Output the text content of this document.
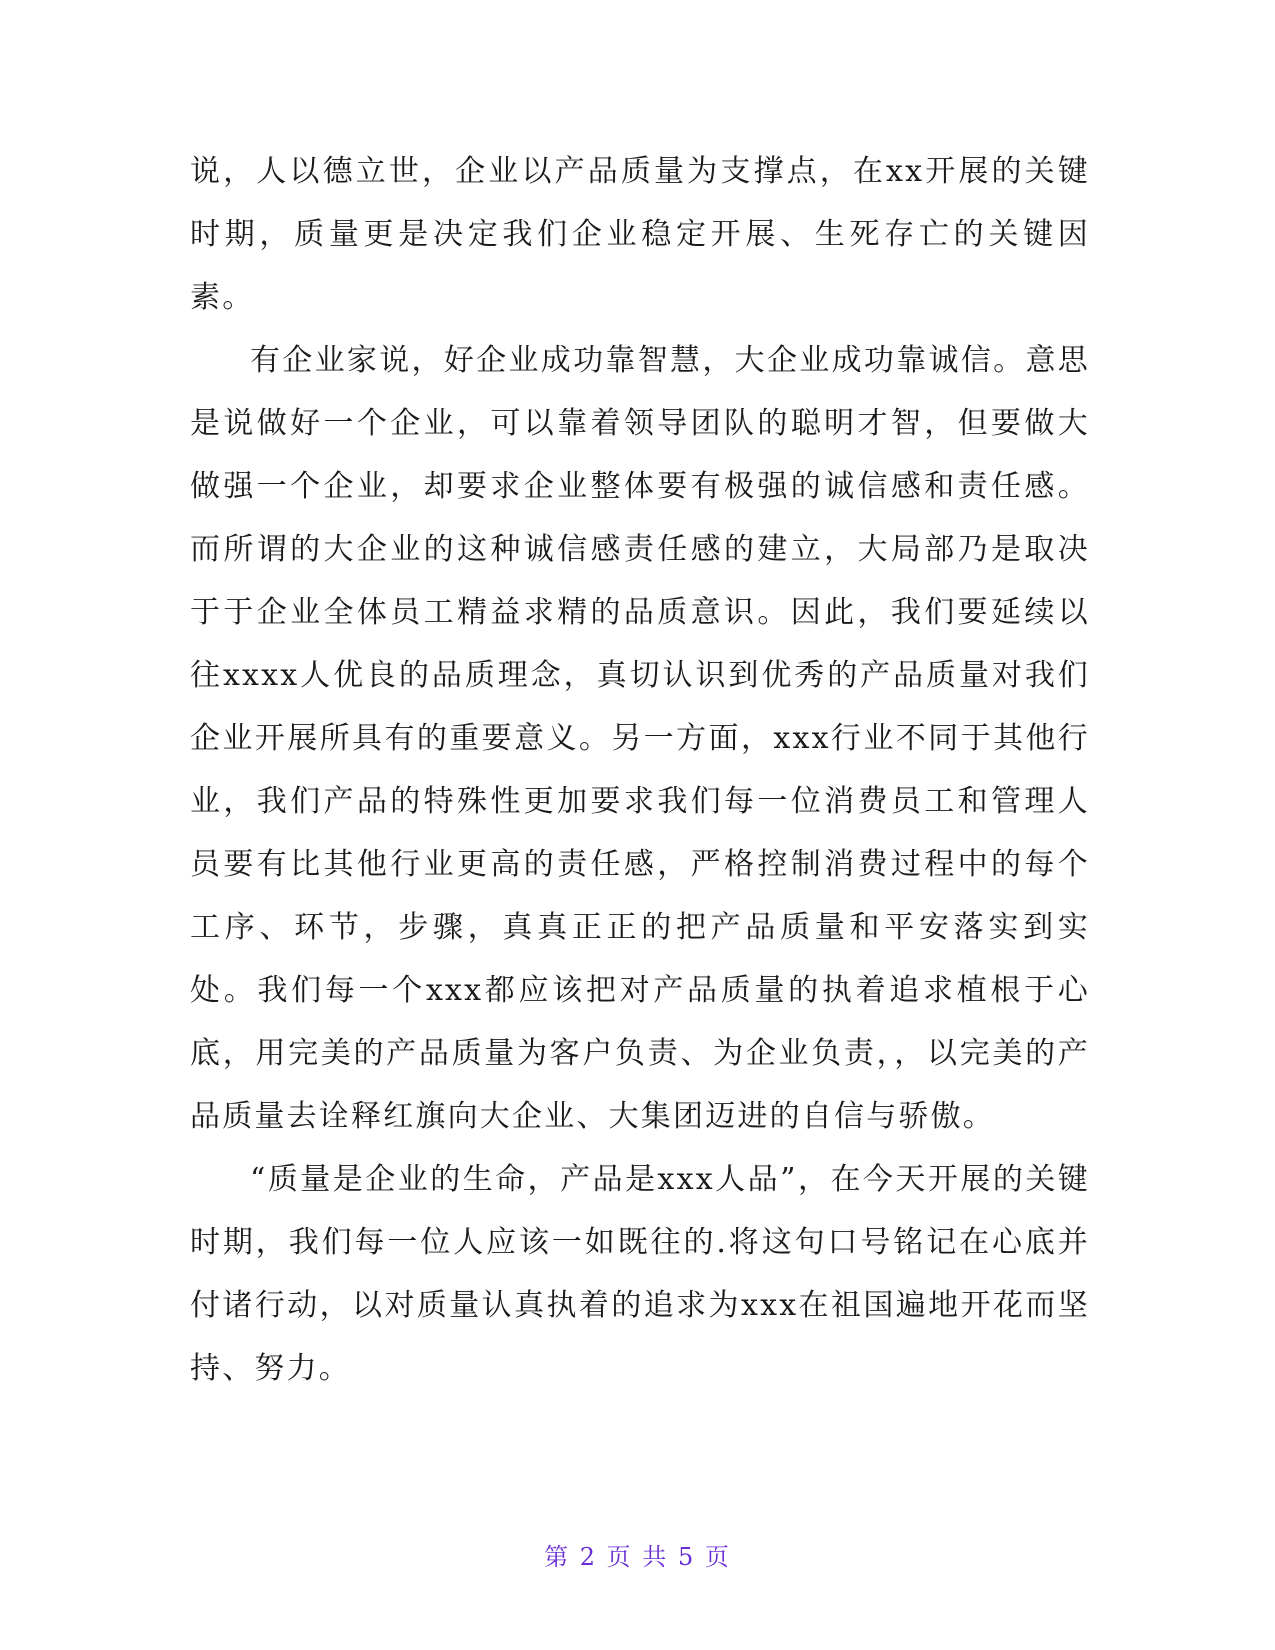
说，人以德立世，企业以产品质量为支撑点，在xx开展的关键时期，质量更是决定我们企业稳定开展、生死存亡的关键因素。

有企业家说，好企业成功靠智慧，大企业成功靠诚信。意思是说做好一个企业，可以靠着领导团队的聪明才智，但要做大做强一个企业，却要求企业整体要有极强的诚信感和责任感。而所谓的大企业的这种诚信感责任感的建立，大局部乃是取决于于企业全体员工精益求精的品质意识。因此，我们要延续以往xxxx人优良的品质理念，真切认识到优秀的产品质量对我们企业开展所具有的重要意义。另一方面，xxx行业不同于其他行业，我们产品的特殊性更加要求我们每一位消费员工和管理人员要有比其他行业更高的责任感，严格控制消费过程中的每个工序、环节，步骤，真真正正的把产品质量和平安落实到实处。我们每一个xxx都应该把对产品质量的执着追求植根于心底，用完美的产品质量为客户负责、为企业负责，，以完美的产品质量去诠释红旗向大企业、大集团迈进的自信与骄傲。

“质量是企业的生命，产品是xxx人品”，在今天开展的关键时期，我们每一位人应该一如既往的.将这句口号铭记在心底并付诸行动，以对质量认真执着的追求为xxx在祖国遍地开花而坚持、努力。

第 2 页 共 5 页
